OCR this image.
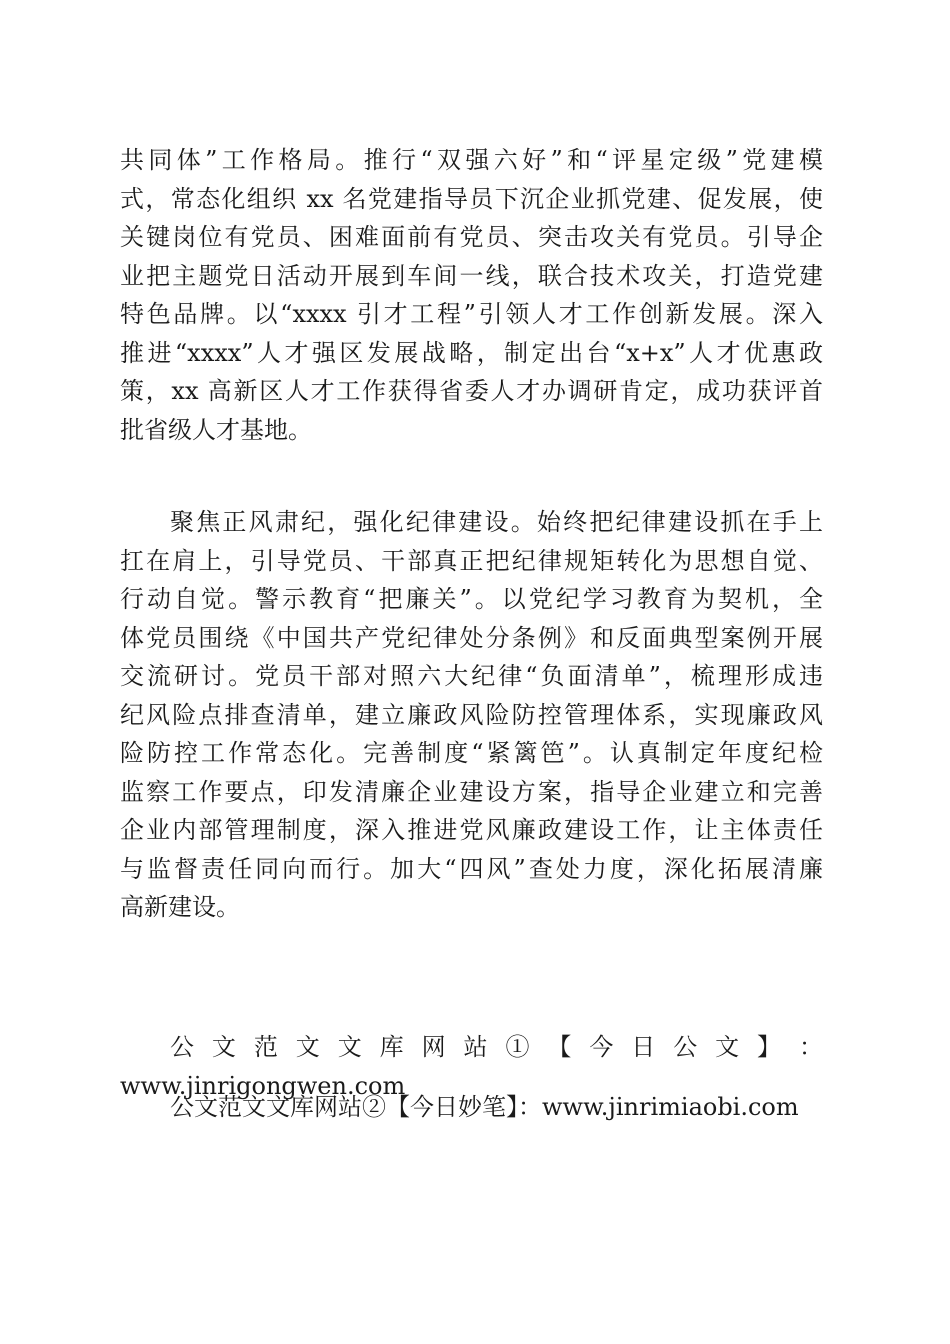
共同体”工作格局。推行“双强六好”和“评星定级”党建模
式，常态化组织 xx 名党建指导员下沉企业抓党建、促发展，使
关键岗位有党员、困难面前有党员、突击攻关有党员。引导企
业把主题党日活动开展到车间一线，联合技术攻关，打造党建
特色品牌。以“xxxx 引才工程”引领人才工作创新发展。深入
推进“xxxx”人才强区发展战略，制定出台“x+x”人才优惠政
策，xx 高新区人才工作获得省委人才办调研肯定，成功获评首
批省级人才基地。
聚焦正风肃纪，强化纪律建设。始终把纪律建设抓在手上
扛在肩上，引导党员、干部真正把纪律规矩转化为思想自觉、
行动自觉。警示教育“把廉关”。以党纪学习教育为契机，全
体党员围绕《中国共产党纪律处分条例》和反面典型案例开展
交流研讨。党员干部对照六大纪律“负面清单”，梳理形成违
纪风险点排查清单，建立廉政风险防控管理体系，实现廉政风
险防控工作常态化。完善制度“紧篱笆”。认真制定年度纪检
监察工作要点，印发清廉企业建设方案，指导企业建立和完善
企业内部管理制度，深入推进党风廉政建设工作，让主体责任
与监督责任同向而行。加大“四风”查处力度，深化拓展清廉
高新建设。
公 文 范 文 文 库 网 站 ① 【 今 日 公 文 】 ：
www.jinrigongwen.com
公文范文文库网站②【今日妙笔】：www.jinrimiaobi.com
